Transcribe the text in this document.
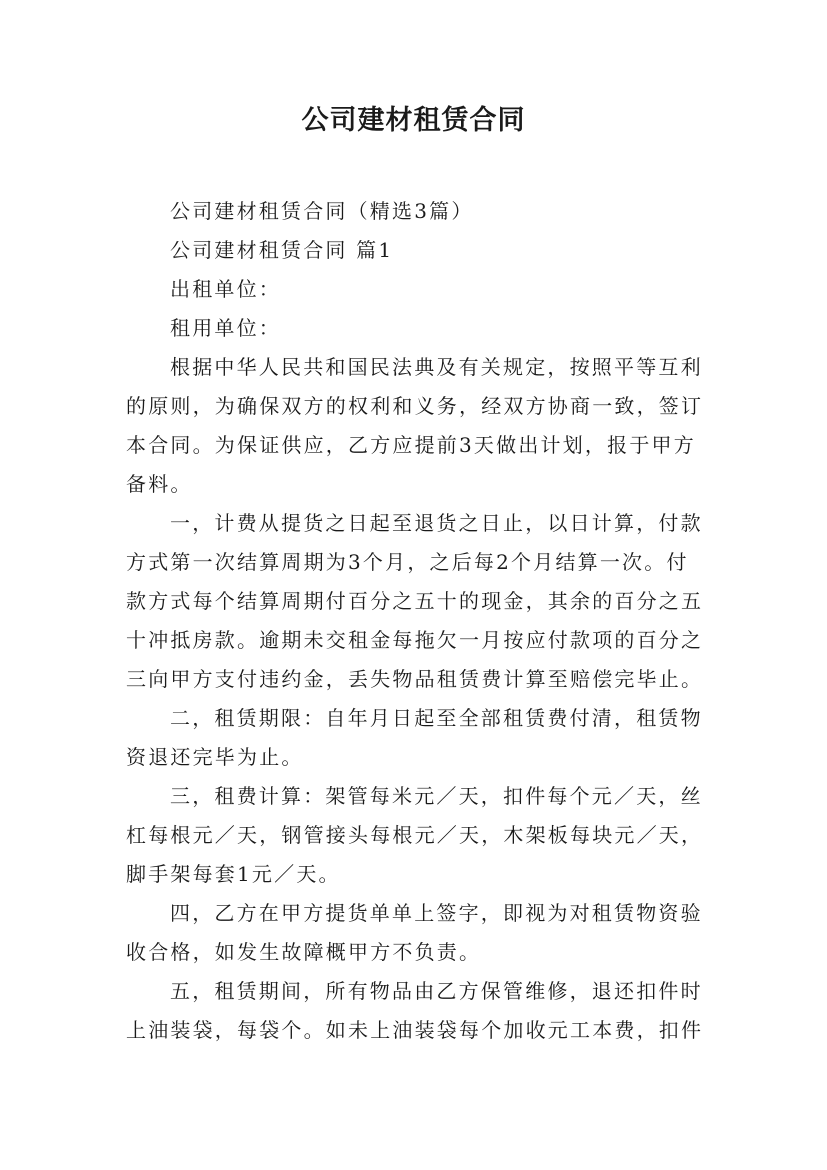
公司建材租赁合同
公司建材租赁合同（精选3篇）
公司建材租赁合同 篇1
出租单位：
租用单位：
根据中华人民共和国民法典及有关规定，按照平等互利
的原则，为确保双方的权利和义务，经双方协商一致，签订
本合同。为保证供应，乙方应提前3天做出计划，报于甲方
备料。
一，计费从提货之日起至退货之日止，以日计算，付款
方式第一次结算周期为3个月，之后每2个月结算一次。付
款方式每个结算周期付百分之五十的现金，其余的百分之五
十冲抵房款。逾期未交租金每拖欠一月按应付款项的百分之
三向甲方支付违约金，丢失物品租赁费计算至赔偿完毕止。
二，租赁期限：自年月日起至全部租赁费付清，租赁物
资退还完毕为止。
三，租费计算：架管每米元／天，扣件每个元／天，丝
杠每根元／天，钢管接头每根元／天，木架板每块元／天，
脚手架每套1元／天。
四，乙方在甲方提货单单上签字，即视为对租赁物资验
收合格，如发生故障概甲方不负责。
五，租赁期间，所有物品由乙方保管维修，退还扣件时
上油装袋，每袋个。如未上油装袋每个加收元工本费，扣件
